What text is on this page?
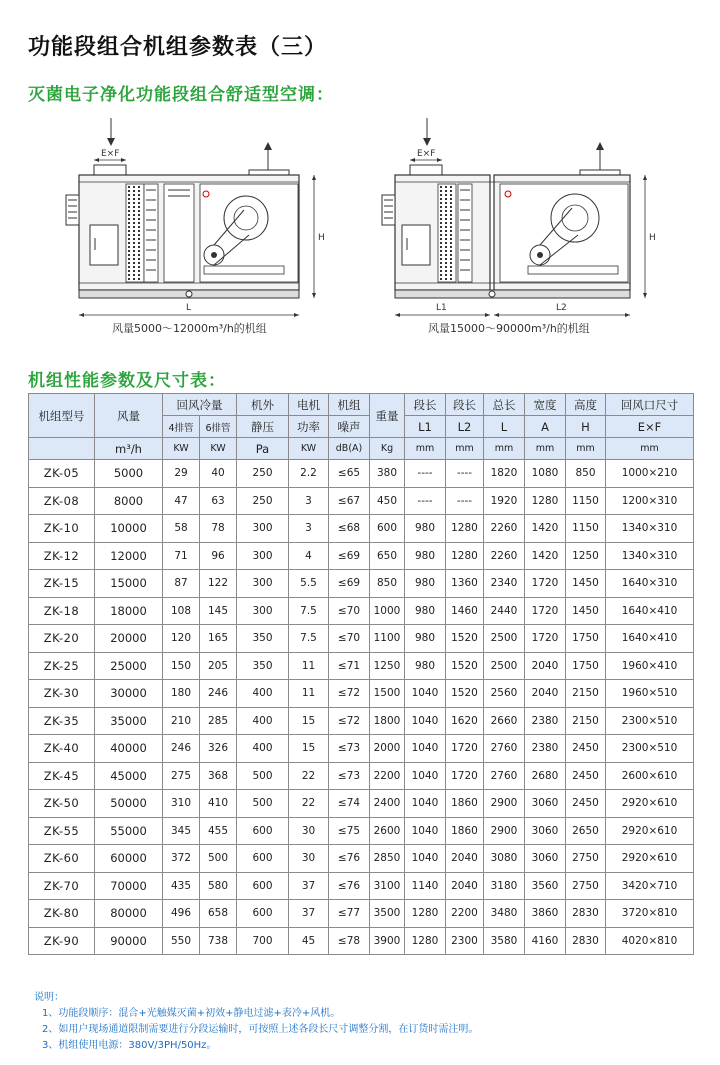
功能段组合机组参数表（三）
灭菌电子净化功能段组合舒适型空调：
E×F
H
L
风量5000～12000m³/h的机组
E×F
H
L1	L2
风量15000～90000m³/h的机组
机组性能参数及尺寸表：
机组型号	风量	回风冷量		机外	电机	机组	重量	段长	段长	总长	宽度	高度	回风口尺寸
		4排管	6排管	静压	功率	噪声		L1	L2	L	A	H	E×F
	m³/h	KW	KW	Pa	KW	dB(A)	Kg	mm	mm	mm	mm	mm	mm
ZK-05	5000	29	40	250	2.2	≤65	380	----	----	1820	1080	850	1000×210
ZK-08	8000	47	63	250	3	≤67	450	----	----	1920	1280	1150	1200×310
ZK-10	10000	58	78	300	3	≤68	600	980	1280	2260	1420	1150	1340×310
ZK-12	12000	71	96	300	4	≤69	650	980	1280	2260	1420	1250	1340×310
ZK-15	15000	87	122	300	5.5	≤69	850	980	1360	2340	1720	1450	1640×310
ZK-18	18000	108	145	300	7.5	≤70	1000	980	1460	2440	1720	1450	1640×410
ZK-20	20000	120	165	350	7.5	≤70	1100	980	1520	2500	1720	1750	1640×410
ZK-25	25000	150	205	350	11	≤71	1250	980	1520	2500	2040	1750	1960×410
ZK-30	30000	180	246	400	11	≤72	1500	1040	1520	2560	2040	2150	1960×510
ZK-35	35000	210	285	400	15	≤72	1800	1040	1620	2660	2380	2150	2300×510
ZK-40	40000	246	326	400	15	≤73	2000	1040	1720	2760	2380	2450	2300×510
ZK-45	45000	275	368	500	22	≤73	2200	1040	1720	2760	2680	2450	2600×610
ZK-50	50000	310	410	500	22	≤74	2400	1040	1860	2900	3060	2450	2920×610
ZK-55	55000	345	455	600	30	≤75	2600	1040	1860	2900	3060	2650	2920×610
ZK-60	60000	372	500	600	30	≤76	2850	1040	2040	3080	3060	2750	2920×610
ZK-70	70000	435	580	600	37	≤76	3100	1140	2040	3180	3560	2750	3420×710
ZK-80	80000	496	658	600	37	≤77	3500	1280	2200	3480	3860	2830	3720×810
ZK-90	90000	550	738	700	45	≤78	3900	1280	2300	3580	4160	2830	4020×810
说明：
1、功能段顺序：混合+光触媒灭菌+初效+静电过滤+表冷+风机。
2、如用户现场通道限制需要进行分段运输时，可按照上述各段长尺寸调整分割，在订货时需注明。
3、机组使用电源：380V/3PH/50Hz。
